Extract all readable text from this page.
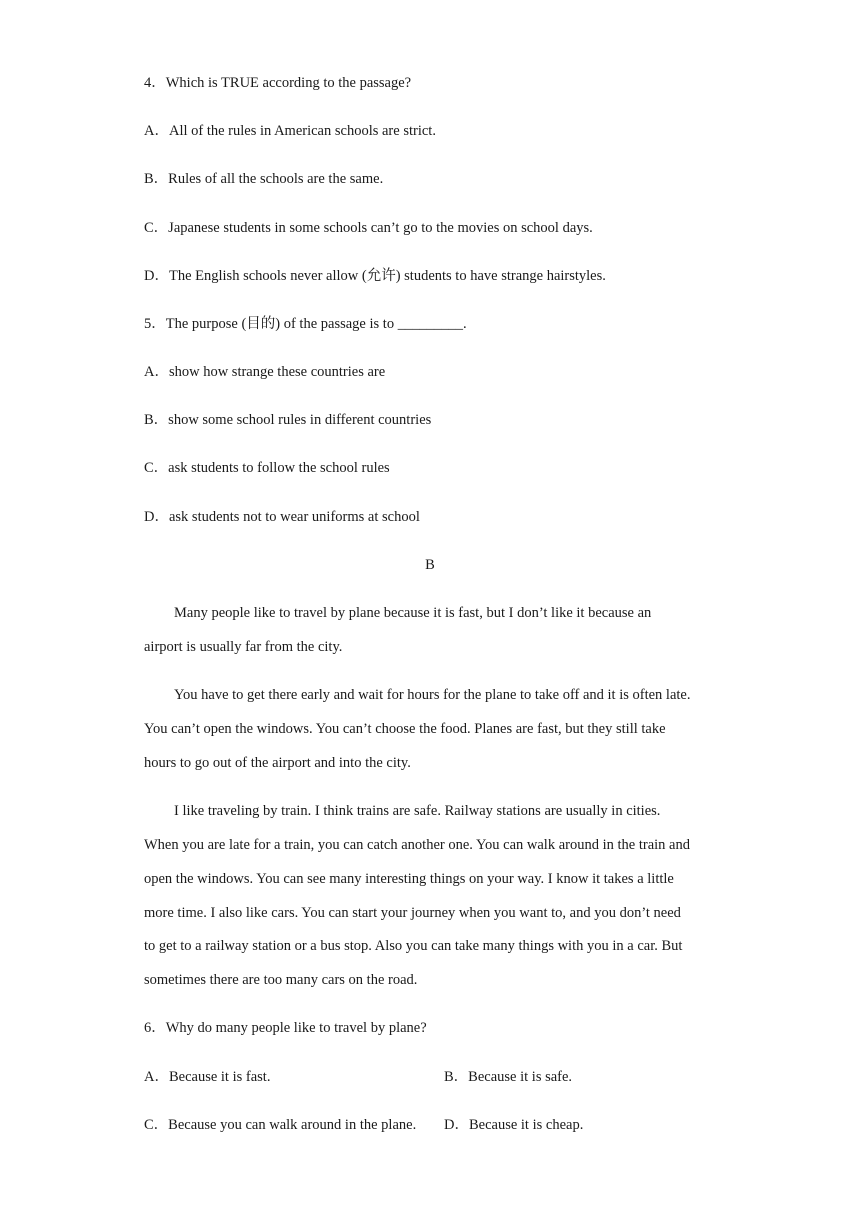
4．Which is TRUE according to the passage?
A．All of the rules in American schools are strict.
B．Rules of all the schools are the same.
C．Japanese students in some schools can’t go to the movies on school days.
D．The English schools never allow (允许) students to have strange hairstyles.
5．The purpose (目的) of the passage is to _________.
A．show how strange these countries are
B．show some school rules in different countries
C．ask students to follow the school rules
D．ask students not to wear uniforms at school
B
Many people like to travel by plane because it is fast, but I don’t like it because an
airport is usually far from the city.
You have to get there early and wait for hours for the plane to take off and it is often late.
You can’t open the windows. You can’t choose the food. Planes are fast, but they still take
hours to go out of the airport and into the city.
I like traveling by train. I think trains are safe. Railway stations are usually in cities.
When you are late for a train, you can catch another one. You can walk around in the train and
open the windows. You can see many interesting things on your way. I know it takes a little
more time. I also like cars. You can start your journey when you want to, and you don’t need
to get to a railway station or a bus stop. Also you can take many things with you in a car. But
sometimes there are too many cars on the road.
6．Why do many people like to travel by plane?
A．Because it is fast.	B．Because it is safe.
C．Because you can walk around in the plane. D．Because it is cheap.
